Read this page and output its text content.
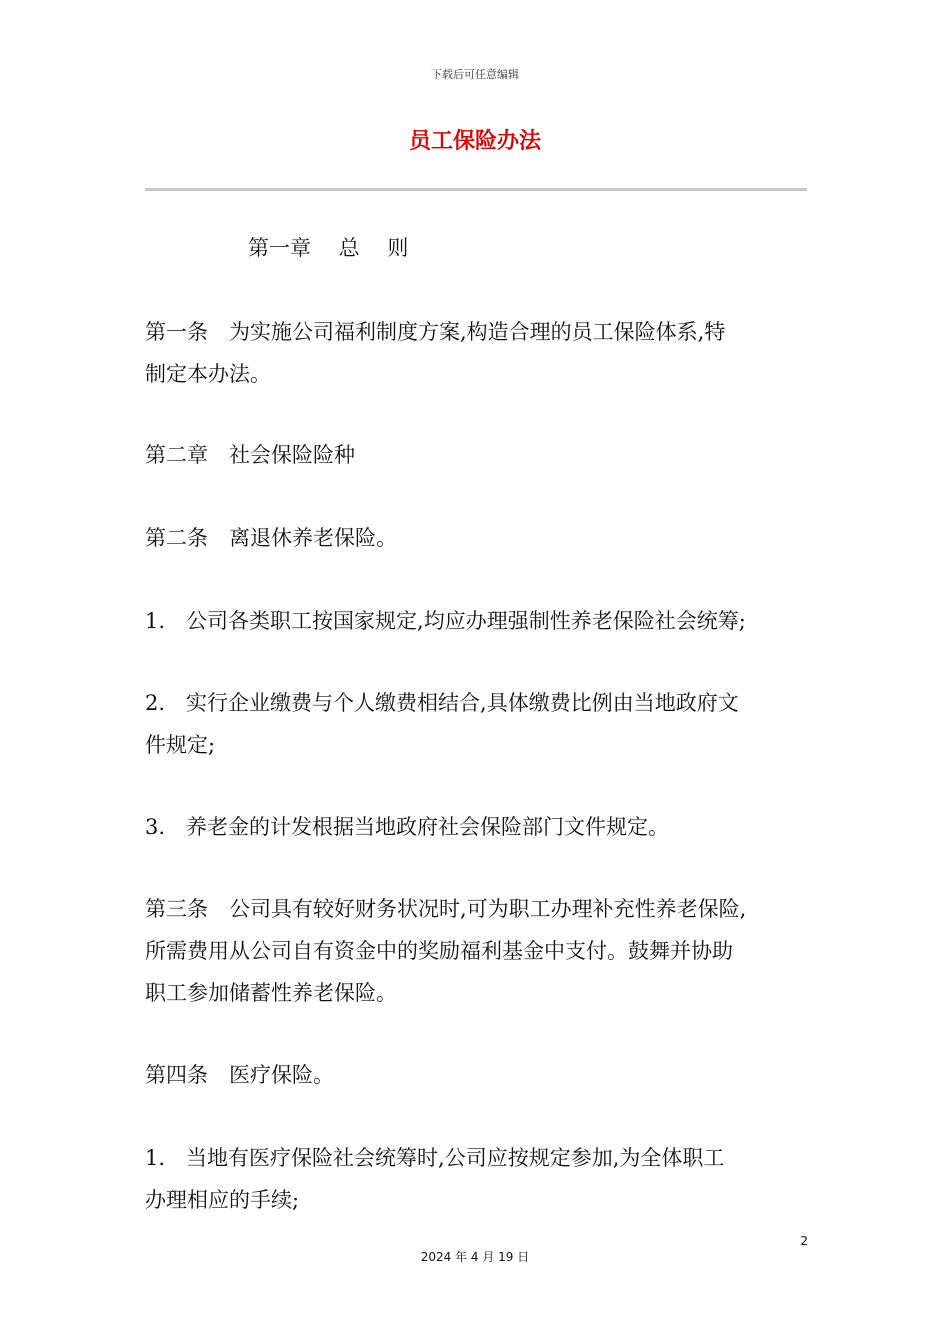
下载后可任意编辑
员工保险办法
第一章　 总　 则
第一条　为实施公司福利制度方案,构造合理的员工保险体系,特
制定本办法。
第二章　社会保险险种
第二条　离退休养老保险。
1.　公司各类职工按国家规定,均应办理强制性养老保险社会统筹;
2.　实行企业缴费与个人缴费相结合,具体缴费比例由当地政府文
件规定;
3.　养老金的计发根据当地政府社会保险部门文件规定。
第三条　公司具有较好财务状况时,可为职工办理补充性养老保险,
所需费用从公司自有资金中的奖励福利基金中支付。鼓舞并协助
职工参加储蓄性养老保险。
第四条　医疗保险。
1.　当地有医疗保险社会统筹时,公司应按规定参加,为全体职工
办理相应的手续;
2
2024 年 4 月 19 日
